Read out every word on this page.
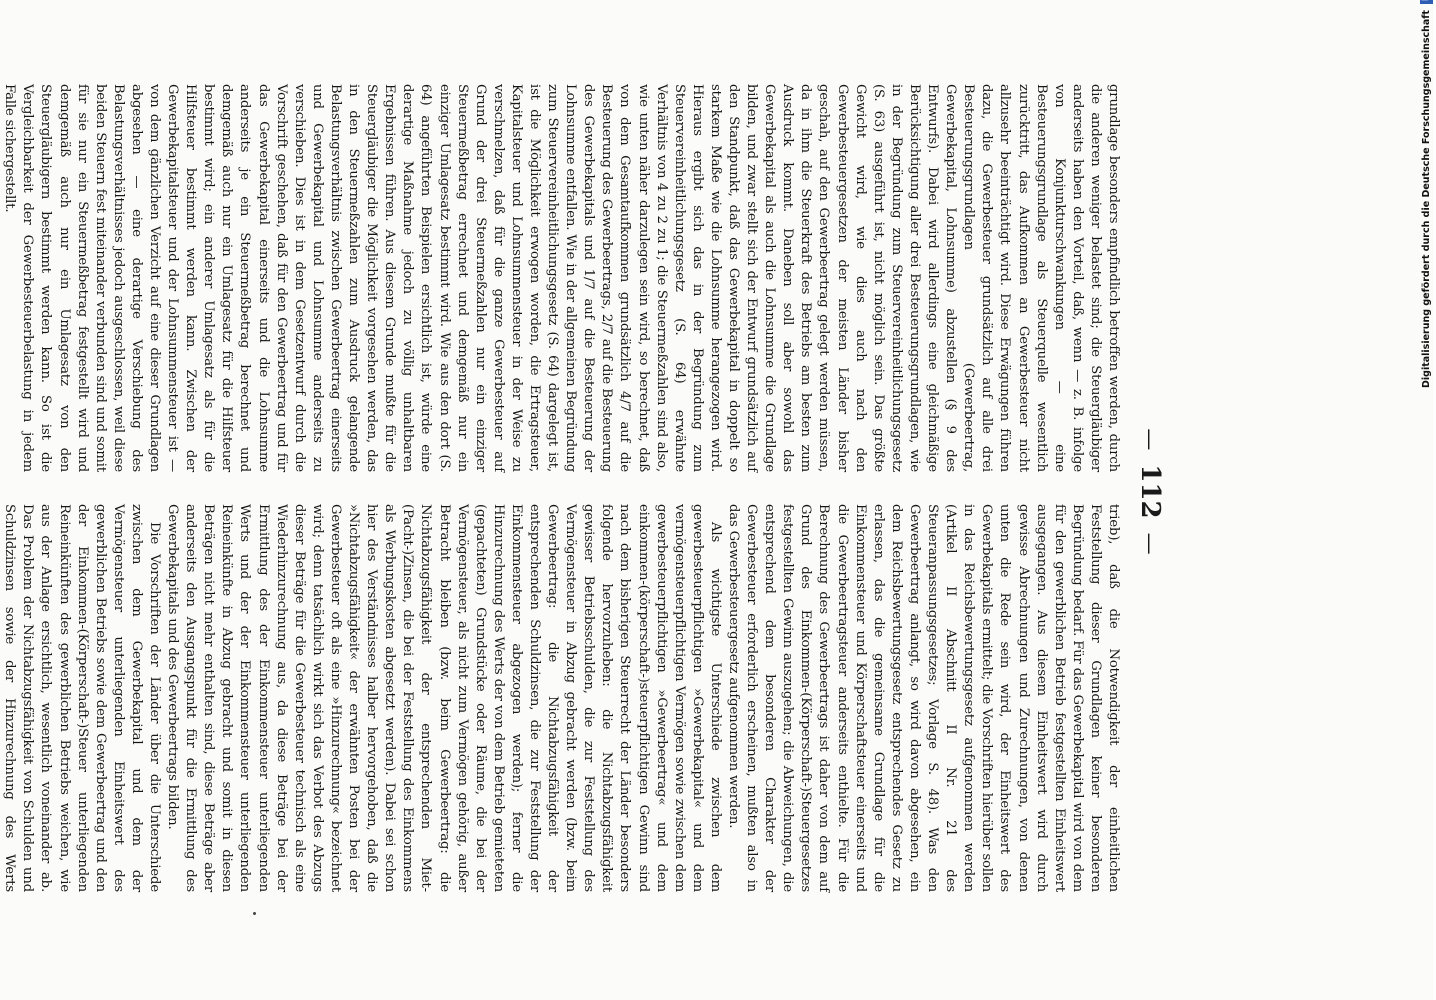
—
112
—

grundlage besonders empfindlich betroffen werden, durch die anderen weniger belastet sind; die Steuergläubiger anderseits haben den Vorteil, daß, wenn — z. B. infolge von Konjunkturschwankungen — eine Besteuerungsgrundlage als Steuerquelle wesentlich zurücktritt, das Aufkommen an Gewerbesteuer nicht allzusehr beeinträchtigt wird. Diese Erwägungen führen dazu, die Gewerbesteuer grundsätzlich auf alle drei Besteuerungsgrundlagen (Gewerbeertrag, Gewerbekapital, Lohnsumme) abzustellen (§ 9 des Entwurfs). Dabei wird allerdings eine gleichmäßige Berücksichtigung aller drei Besteuerungsgrundlagen, wie in der Begründung zum Steuervereinheitlichungsgesetz (S. 63) ausgeführt ist, nicht möglich sein. Das größte Gewicht wird, wie dies auch nach den Gewerbesteuergesetzen der meisten Länder bisher geschah, auf den Gewerbeertrag gelegt werden müssen, da in ihm die Steuerkraft des Betriebs am besten zum Ausdruck kommt. Daneben soll aber sowohl das Gewerbekapital als auch die Lohnsumme die Grundlage bilden, und zwar stellt sich der Entwurf grundsätzlich auf den Standpunkt, daß das Gewerbekapital in doppelt so starkem Maße wie die Lohnsumme herangezogen wird. Hieraus ergibt sich das in der Begründung zum Steuervereinheitlichungsgesetz (S. 64) erwähnte Verhältnis von 4 zu 2 zu 1; die Steuermeßzahlen sind also, wie unten näher darzulegen sein wird, so berechnet, daß von dem Gesamtaufkommen grundsätzlich 4/7 auf die Besteuerung des Gewerbeertrags, 2/7 auf die Besteuerung des Gewerbekapitals und 1/7 auf die Besteuerung der Lohnsumme entfallen. Wie in der allgemeinen Begründung zum Steuervereinheitlichungsgesetz (S. 64) dargelegt ist, ist die Möglichkeit erwogen worden, die Ertragsteuer, Kapitalsteuer und Lohnsummensteuer in der Weise zu verschmelzen, daß für die ganze Gewerbesteuer auf Grund der drei Steuermeßzahlen nur ein einziger Steuermeßbetrag errechnet und demgemäß nur ein einziger Umlagesatz bestimmt wird. Wie aus den dort (S. 64) angeführten Beispielen ersichtlich ist, würde eine derartige Maßnahme jedoch zu völlig unhaltbaren Ergebnissen führen. Aus diesem Grunde mußte für die Steuergläubiger die Möglichkeit vorgesehen werden, das in den Steuermeßzahlen zum Ausdruck gelangende Belastungsverhältnis zwischen Gewerbeertrag einerseits und Gewerbekapital und Lohnsumme anderseits zu verschieben. Dies ist in dem Gesetzentwurf durch die Vorschrift geschehen, daß für den Gewerbeertrag und für das Gewerbekapital einerseits und die Lohnsumme anderseits je ein Steuermeßbetrag berechnet und demgemäß auch nur ein Umlagesatz für die Hilfsteuer bestimmt wird; ein anderer Umlagesatz als für die Hilfsteuer bestimmt werden kann. Zwischen der Gewerbekapitalsteuer und der Lohnsummensteuer ist — von dem gänzlichen Verzicht auf eine dieser Grundlagen abgesehen — eine derartige Verschiebung des Belastungsverhältnisses jedoch ausgeschlossen, weil diese beiden Steuern fest miteinander verbunden sind und somit für sie nur ein Steuermeßbetrag festgestellt wird und demgemäß auch nur ein Umlagesatz von den Steuergläubigern bestimmt werden kann. So ist die Vergleichbarkeit der Gewerbesteuerbelastung in jedem Falle sichergestellt.

trieb), daß die Notwendigkeit der einheitlichen Feststellung dieser Grundlagen keiner besonderen Begründung bedarf. Für das Gewerbekapital wird von dem für den gewerblichen Betrieb festgestellten Einheitswert ausgegangen. Aus diesem Einheitswert wird durch gewisse Abrechnungen und Zurechnungen, von denen unten die Rede sein wird, der Einheitswert des Gewerbekapitals ermittelt; die Vorschriften hierüber sollen in das Reichsbewertungsgesetz aufgenommen werden (Artikel II Abschnitt II Nr. 21 des Steueranpassungsgesetzes; Vorlage S. 48). Was den Gewerbeertrag anlangt, so wird davon abgesehen, ein dem Reichsbewertungsgesetz entsprechendes Gesetz zu erlassen, das die gemeinsame Grundlage für die Einkommensteuer und Körperschaftsteuer einerseits und die Gewerbeertragsteuer anderseits enthielte. Für die Berechnung des Gewerbeertrags ist daher von dem auf Grund des Einkommen-(Körperschaft-)Steuergesetzes festgestellten Gewinn auszugehen; die Abweichungen, die entsprechend dem besonderen Charakter der Gewerbesteuer erforderlich erscheinen, mußten also in das Gewerbesteuergesetz aufgenommen werden.

Als wichtigste Unterschiede zwischen dem gewerbesteuerpflichtigen »Gewerbekapital« und dem vermögensteuerpflichtigen Vermögen sowie zwischen dem gewerbesteuerpflichtigen »Gewerbeertrag« und dem einkommen-(körperschaft-)steuerpflichtigen Gewinn sind nach dem bisherigen Steuerrecht der Länder besonders folgende hervorzuheben: die Nichtabzugsfähigkeit gewisser Betriebsschulden, die zur Feststellung des Vermögensteuer in Abzug gebracht werden (bzw. beim Gewerbeertrag: die Nichtabzugsfähigkeit der entsprechenden Schuldzinsen, die zur Feststellung der Einkommensteuer abgezogen werden); ferner die Hinzurechnung des Werts der von dem Betrieb gemieteten (gepachteten) Grundstücke oder Räume, die bei der Vermögensteuer, als nicht zum Vermögen gehörig, außer Betracht bleiben (bzw. beim Gewerbeertrag: die Nichtabzugsfähigkeit der entsprechenden Miet-(Pacht-)Zinsen, die bei der Feststellung des Einkommens als Werbungskosten abgesetzt werden). Dabei sei schon hier des Verständnisses halber hervorgehoben, daß die »Nichtabzugsfähigkeit« der erwähnten Posten bei der Gewerbesteuer oft als eine »Hinzurechnung« bezeichnet wird; denn tatsächlich wirkt sich das Verbot des Abzugs dieser Beträge für die Gewerbesteuer technisch als eine Wiederhinzurechnung aus, da diese Beträge bei der Ermittlung des der Einkommensteuer unterliegenden Werts und der der Einkommensteuer unterliegenden Reineinkünfte in Abzug gebracht und somit in diesen Beträgen nicht mehr enthalten sind, diese Beträge aber anderseits den Ausgangspunkt für die Ermittlung des Gewerbekapitals und des Gewerbeertrags bilden.

Die Vorschriften der Länder über die Unterschiede zwischen dem Gewerbekapital und dem der Vermögensteuer unterliegenden Einheitswert des gewerblichen Betriebs sowie dem Gewerbeertrag und den der Einkommen-(Körperschaft-)Steuer unterliegenden Reineinkünften des gewerblichen Betriebs weichen, wie aus der Anlage ersichtlich, wesentlich voneinander ab. Das Problem der Nichtabzugsfähigkeit von Schulden und Schuldzinsen sowie der Hinzurechnung des Werts

Digitalisierung gefördert durch die Deutsche Forschungsgemeinschaft
